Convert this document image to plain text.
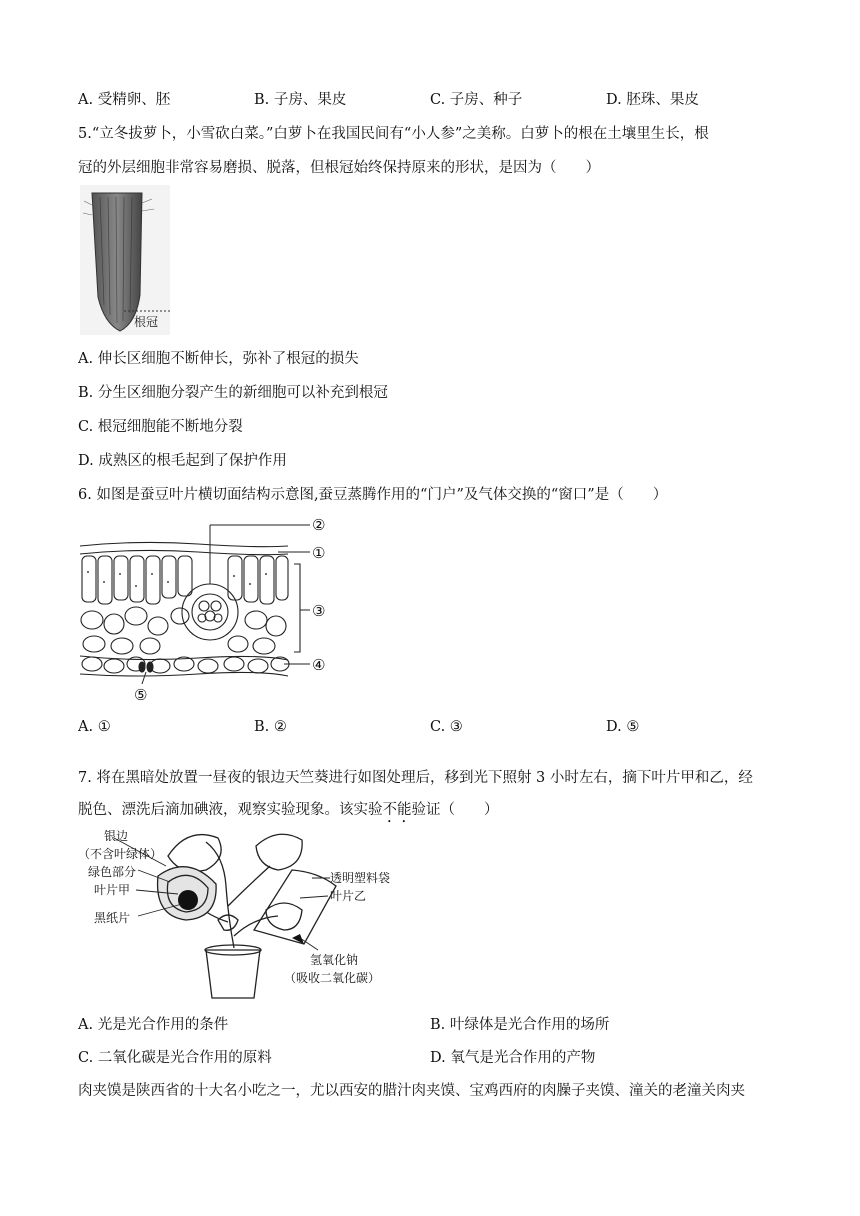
A. 受精卵、胚	B. 子房、果皮	C. 子房、种子	D. 胚珠、果皮
5.“立冬拔萝卜，小雪砍白菜。”白萝卜在我国民间有“小人参”之美称。白萝卜的根在土壤里生长，根
冠的外层细胞非常容易磨损、脱落，但根冠始终保持原来的形状，是因为（　　）
根冠
A. 伸长区细胞不断伸长，弥补了根冠的损失
B. 分生区细胞分裂产生的新细胞可以补充到根冠
C. 根冠细胞能不断地分裂
D. 成熟区的根毛起到了保护作用
6. 如图是蚕豆叶片横切面结构示意图,蚕豆蒸腾作用的“门户”及气体交换的“窗口”是（　　）
②
①
③
④
⑤
A. ①	B. ②	C. ③	D. ⑤
7. 将在黑暗处放置一昼夜的银边天竺葵进行如图处理后，移到光下照射 3 小时左右，摘下叶片甲和乙，经
脱色、漂洗后滴加碘液，观察实验现象。该实验不能验证（　　）
银边
（不含叶绿体）
绿色部分
叶片甲
黑纸片
透明塑料袋
叶片乙
氢氧化钠
（吸收二氧化碳）
A. 光是光合作用的条件	B. 叶绿体是光合作用的场所
C. 二氧化碳是光合作用的原料	D. 氧气是光合作用的产物
肉夹馍是陕西省的十大名小吃之一，尤以西安的腊汁肉夹馍、宝鸡西府的肉臊子夹馍、潼关的老潼关肉夹
